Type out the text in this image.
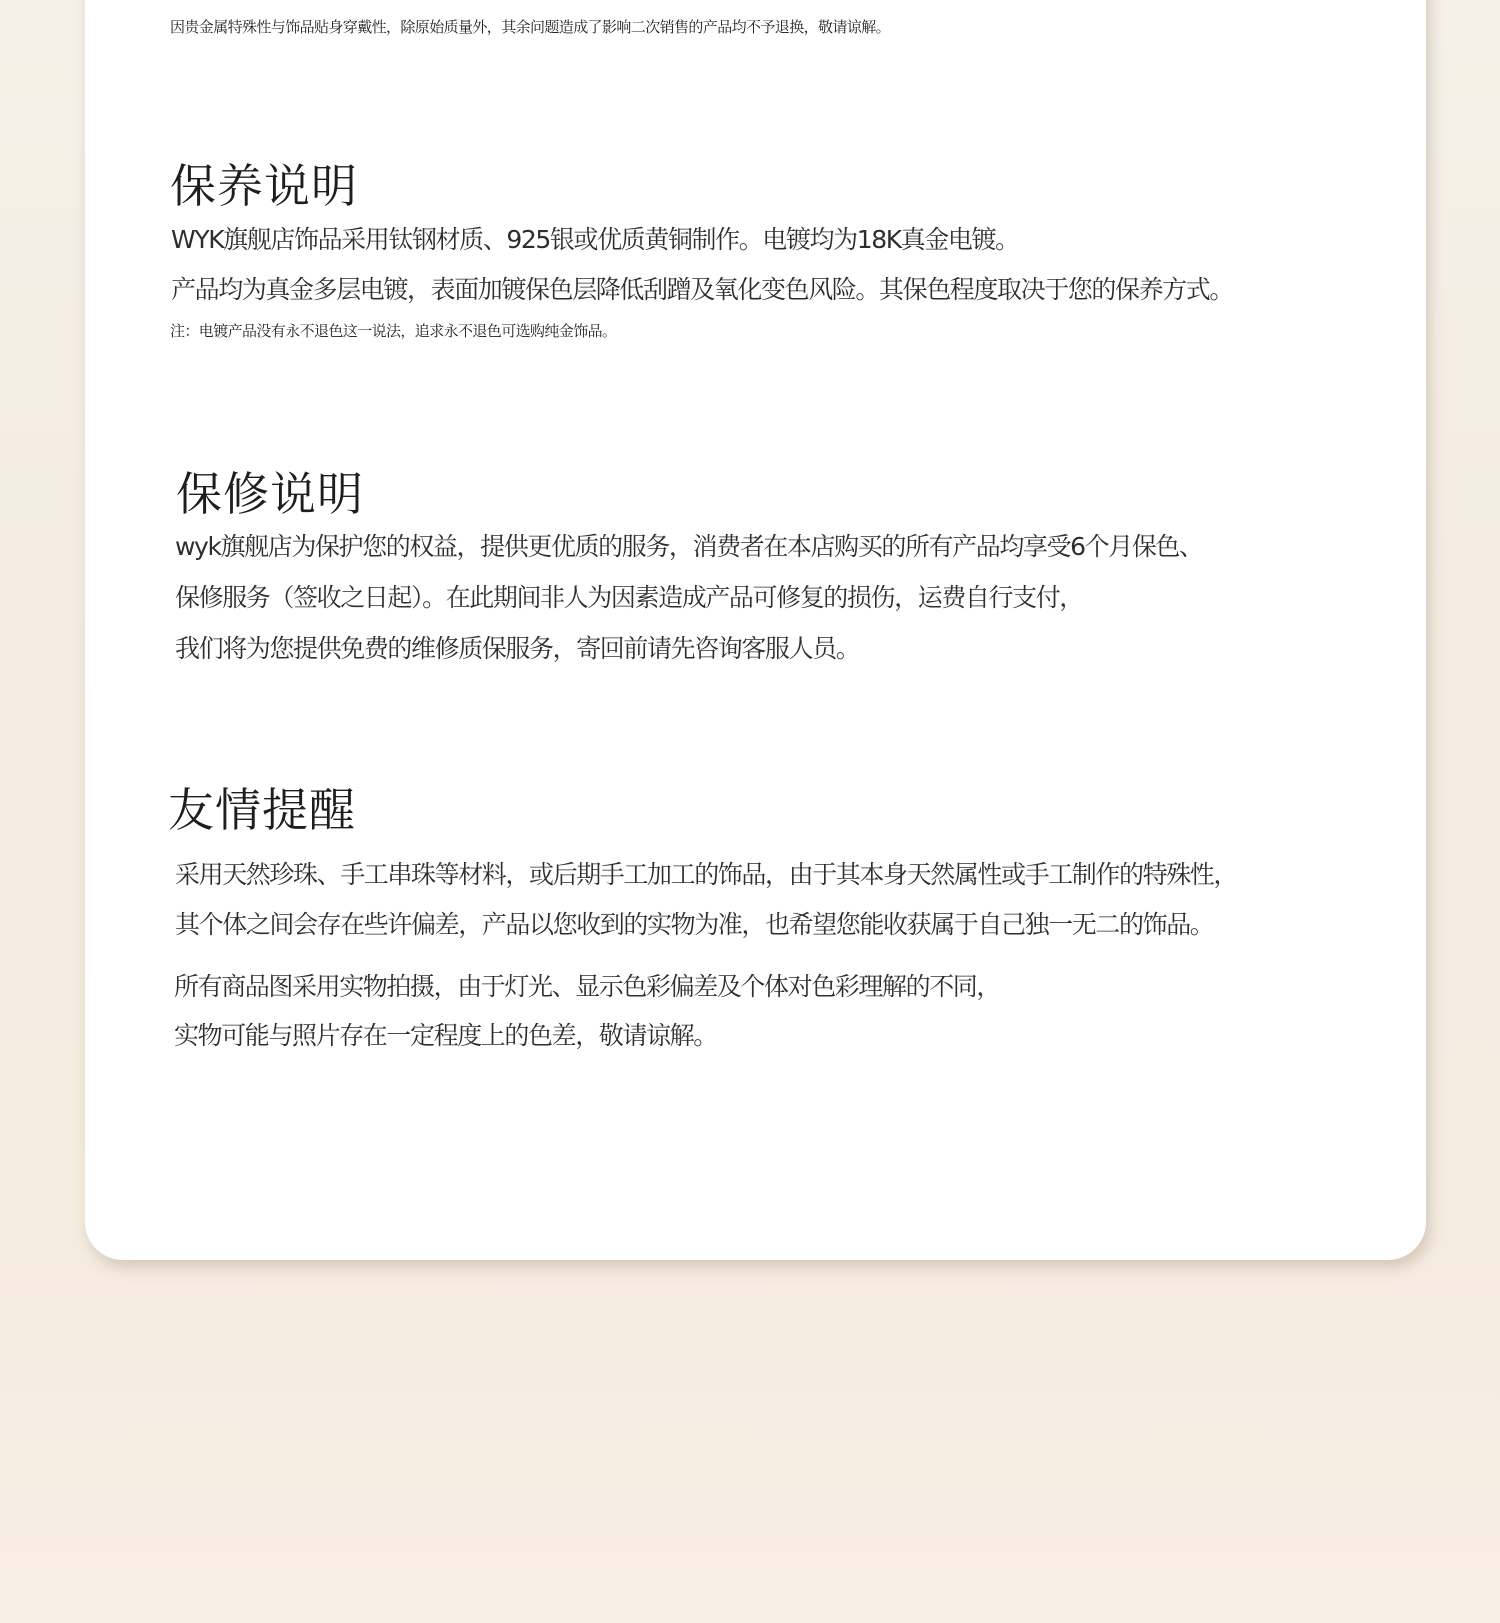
因贵金属特殊性与饰品贴身穿戴性，除原始质量外，其余问题造成了影响二次销售的产品均不予退换，敬请谅解。
保养说明
WYK旗舰店饰品采用钛钢材质、925银或优质黄铜制作。电镀均为18K真金电镀。
产品均为真金多层电镀，表面加镀保色层降低刮蹭及氧化变色风险。其保色程度取决于您的保养方式。
注：电镀产品没有永不退色这一说法，追求永不退色可选购纯金饰品。
保修说明
wyk旗舰店为保护您的权益，提供更优质的服务，消费者在本店购买的所有产品均享受6个月保色、
保修服务（签收之日起）。在此期间非人为因素造成产品可修复的损伤，运费自行支付，
我们将为您提供免费的维修质保服务，寄回前请先咨询客服人员。
友情提醒
采用天然珍珠、手工串珠等材料，或后期手工加工的饰品，由于其本身天然属性或手工制作的特殊性，
其个体之间会存在些许偏差，产品以您收到的实物为准，也希望您能收获属于自己独一无二的饰品。
所有商品图采用实物拍摄，由于灯光、显示色彩偏差及个体对色彩理解的不同，
实物可能与照片存在一定程度上的色差，敬请谅解。
